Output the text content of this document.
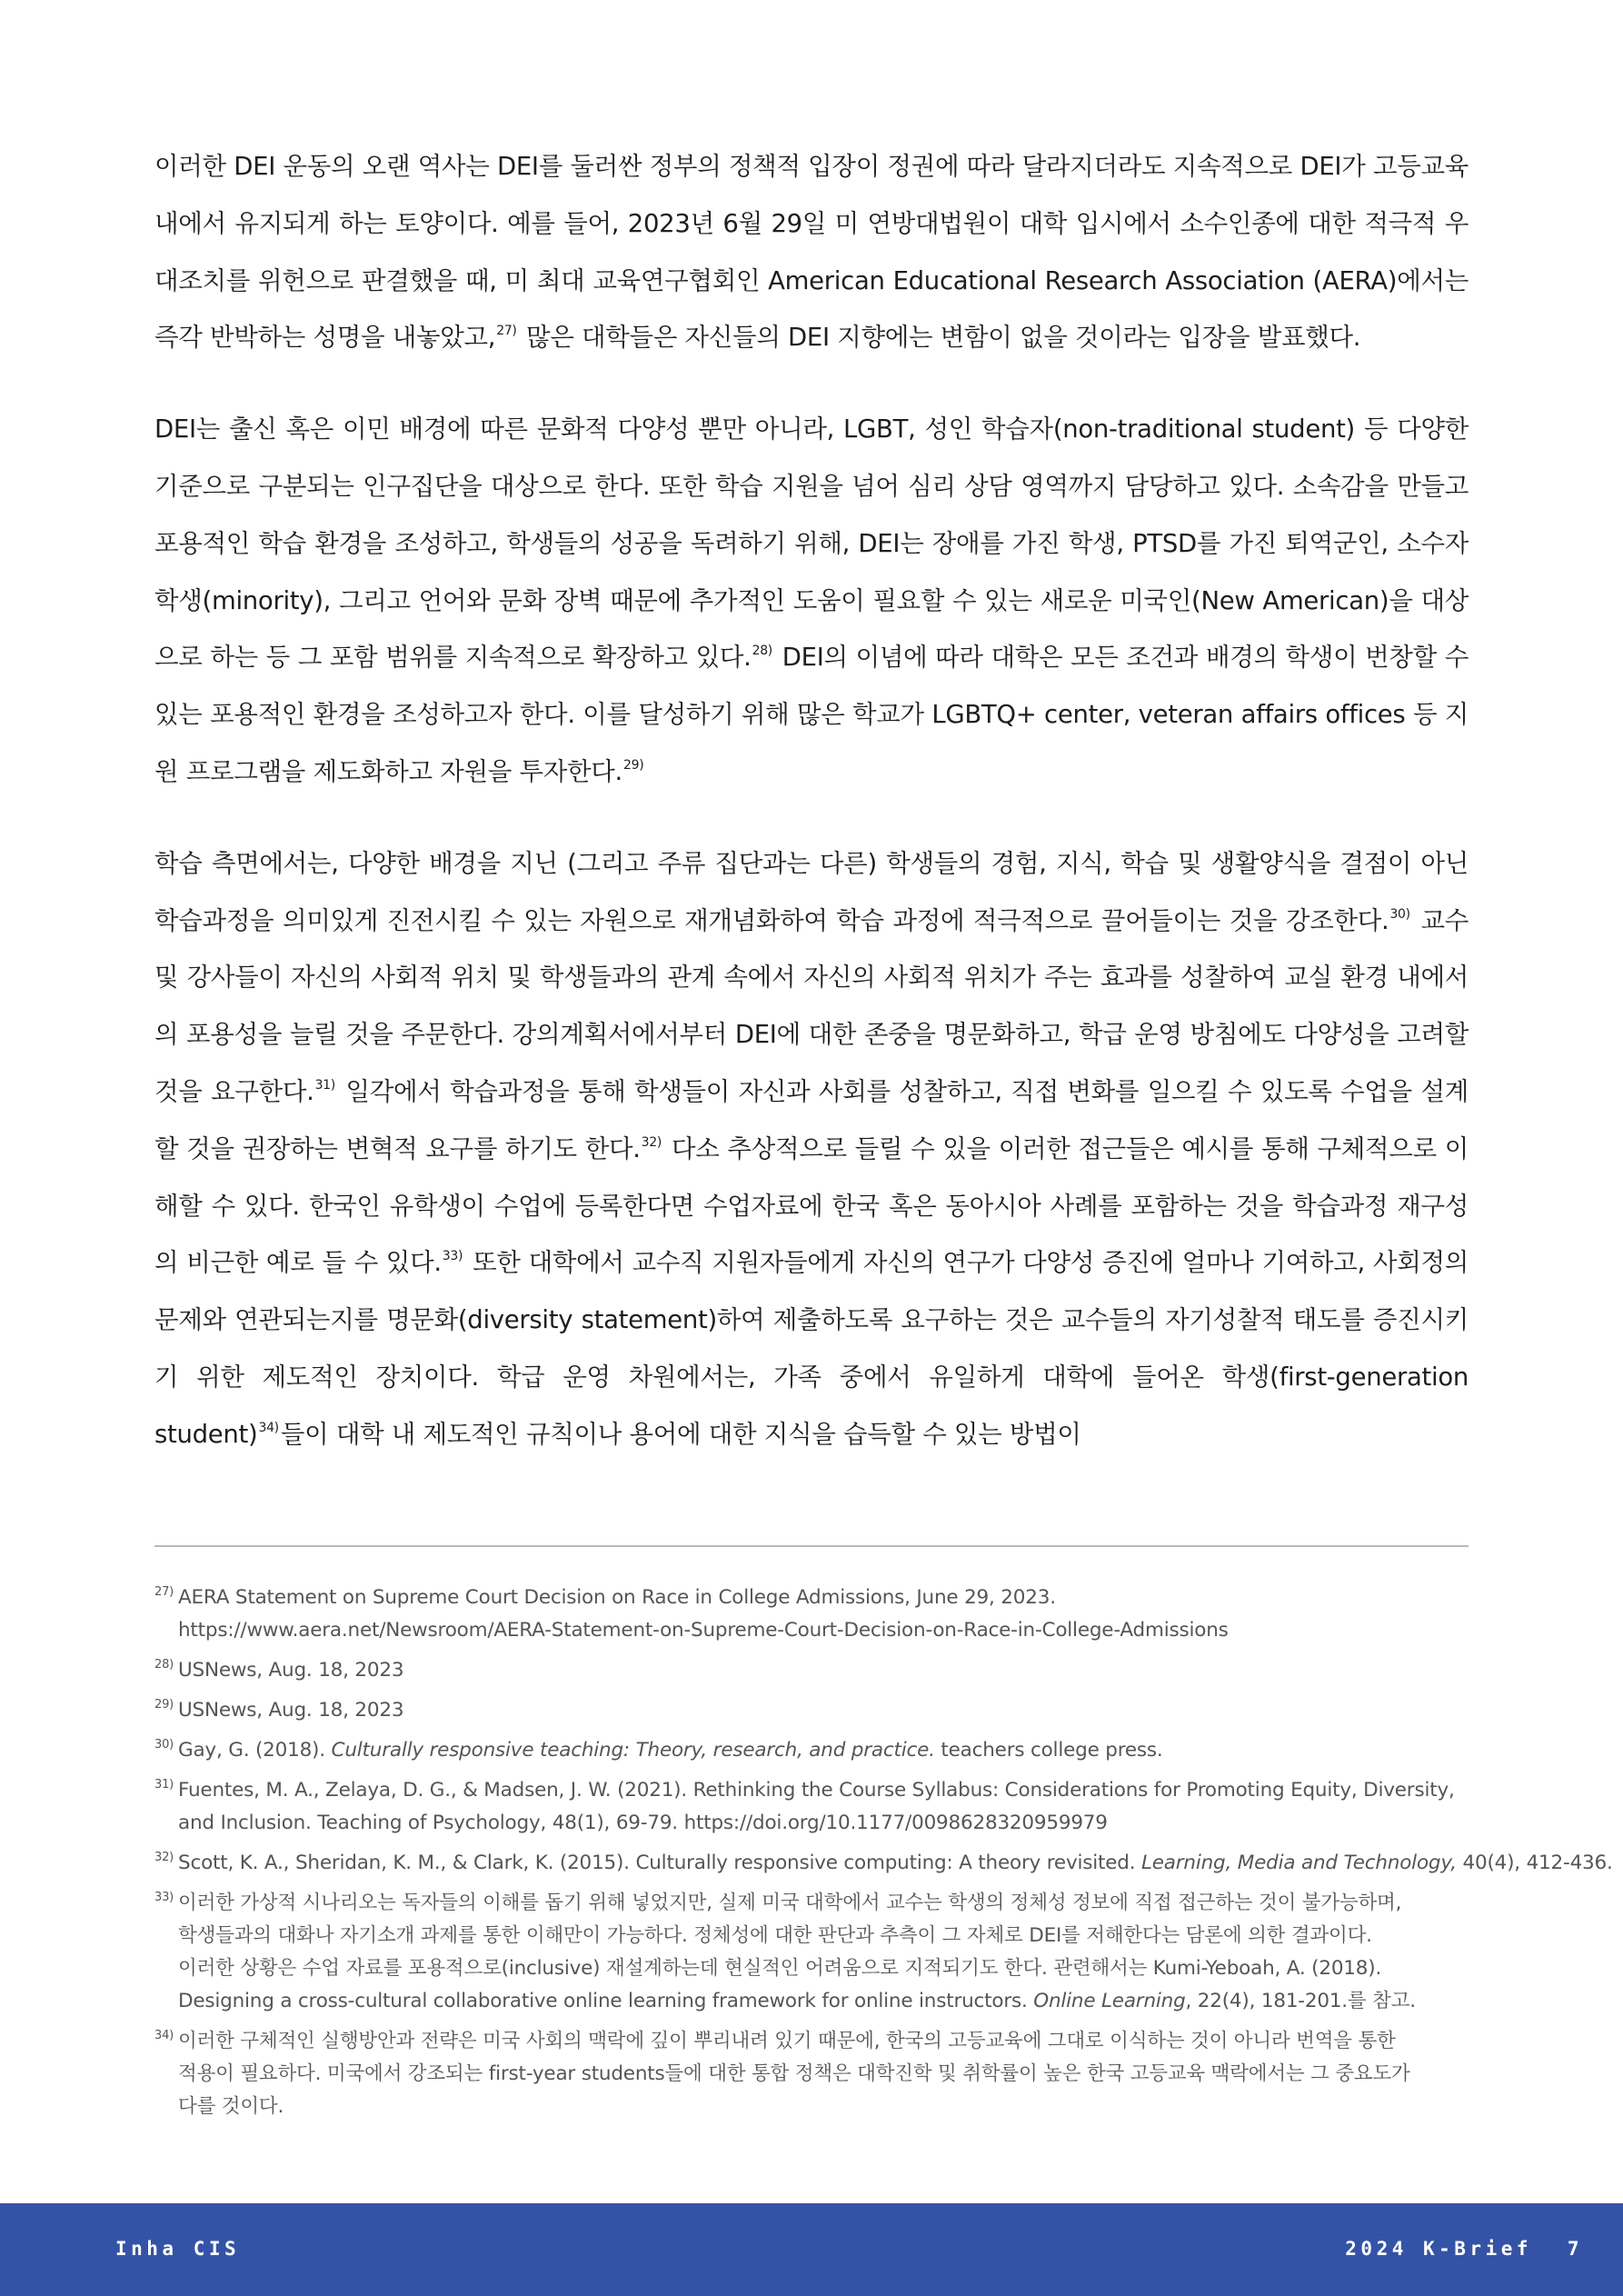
이러한 DEI 운동의 오랜 역사는 DEI를 둘러싼 정부의 정책적 입장이 정권에 따라 달라지더라도 지속적으로 DEI가 고등교육 내에서 유지되게 하는 토양이다. 예를 들어, 2023년 6월 29일 미 연방대법원이 대학 입시에서 소수인종에 대한 적극적 우대조치를 위헌으로 판결했을 때, 미 최대 교육연구협회인 American Educational Research Association (AERA)에서는 즉각 반박하는 성명을 내놓았고,$^{27)}$ 많은 대학들은 자신들의 DEI 지향에는 변함이 없을 것이라는 입장을 발표했다.

DEI는 출신 혹은 이민 배경에 따른 문화적 다양성 뿐만 아니라, LGBT, 성인 학습자(non-traditional student) 등 다양한 기준으로 구분되는 인구집단을 대상으로 한다. 또한 학습 지원을 넘어 심리 상담 영역까지 담당하고 있다. 소속감을 만들고 포용적인 학습 환경을 조성하고, 학생들의 성공을 독려하기 위해, DEI는 장애를 가진 학생, PTSD를 가진 퇴역군인, 소수자 학생(minority), 그리고 언어와 문화 장벽 때문에 추가적인 도움이 필요할 수 있는 새로운 미국인(New American)을 대상으로 하는 등 그 포함 범위를 지속적으로 확장하고 있다.$^{28)}$ DEI의 이념에 따라 대학은 모든 조건과 배경의 학생이 번창할 수 있는 포용적인 환경을 조성하고자 한다. 이를 달성하기 위해 많은 학교가 LGBTQ+ center, veteran affairs offices 등 지원 프로그램을 제도화하고 자원을 투자한다.$^{29)}$

학습 측면에서는, 다양한 배경을 지닌 (그리고 주류 집단과는 다른) 학생들의 경험, 지식, 학습 및 생활양식을 결점이 아닌 학습과정을 의미있게 진전시킬 수 있는 자원으로 재개념화하여 학습 과정에 적극적으로 끌어들이는 것을 강조한다.$^{30)}$ 교수 및 강사들이 자신의 사회적 위치 및 학생들과의 관계 속에서 자신의 사회적 위치가 주는 효과를 성찰하여 교실 환경 내에서의 포용성을 늘릴 것을 주문한다. 강의계획서에서부터 DEI에 대한 존중을 명문화하고, 학급 운영 방침에도 다양성을 고려할 것을 요구한다.$^{31)}$ 일각에서 학습과정을 통해 학생들이 자신과 사회를 성찰하고, 직접 변화를 일으킬 수 있도록 수업을 설계할 것을 권장하는 변혁적 요구를 하기도 한다.$^{32)}$ 다소 추상적으로 들릴 수 있을 이러한 접근들은 예시를 통해 구체적으로 이해할 수 있다. 한국인 유학생이 수업에 등록한다면 수업자료에 한국 혹은 동아시아 사례를 포함하는 것을 학습과정 재구성의 비근한 예로 들 수 있다.$^{33)}$ 또한 대학에서 교수직 지원자들에게 자신의 연구가 다양성 증진에 얼마나 기여하고, 사회정의 문제와 연관되는지를 명문화(diversity statement)하여 제출하도록 요구하는 것은 교수들의 자기성찰적 태도를 증진시키기 위한 제도적인 장치이다. 학급 운영 차원에서는, 가족 중에서 유일하게 대학에 들어온 학생(first-generation student)$^{34)}$들이 대학 내 제도적인 규칙이나 용어에 대한 지식을 습득할 수 있는 방법이

27) AERA Statement on Supreme Court Decision on Race in College Admissions, June 29, 2023.
https://www.aera.net/Newsroom/AERA-Statement-on-Supreme-Court-Decision-on-Race-in-College-Admissions
28) USNews, Aug. 18, 2023
29) USNews, Aug. 18, 2023
30) Gay, G. (2018). Culturally responsive teaching: Theory, research, and practice. teachers college press.
31) Fuentes, M. A., Zelaya, D. G., & Madsen, J. W. (2021). Rethinking the Course Syllabus: Considerations for Promoting Equity, Diversity,
and Inclusion. Teaching of Psychology, 48(1), 69-79. https://doi.org/10.1177/0098628320959979
32) Scott, K. A., Sheridan, K. M., & Clark, K. (2015). Culturally responsive computing: A theory revisited. Learning, Media and Technology, 40(4), 412-436.
33) 이러한 가상적 시나리오는 독자들의 이해를 돕기 위해 넣었지만, 실제 미국 대학에서 교수는 학생의 정체성 정보에 직접 접근하는 것이 불가능하며,
학생들과의 대화나 자기소개 과제를 통한 이해만이 가능하다. 정체성에 대한 판단과 추측이 그 자체로 DEI를 저해한다는 담론에 의한 결과이다.
이러한 상황은 수업 자료를 포용적으로(inclusive) 재설계하는데 현실적인 어려움으로 지적되기도 한다. 관련해서는 Kumi-Yeboah, A. (2018).
Designing a cross-cultural collaborative online learning framework for online instructors. Online Learning, 22(4), 181-201.를 참고.
34) 이러한 구체적인 실행방안과 전략은 미국 사회의 맥락에 깊이 뿌리내려 있기 때문에, 한국의 고등교육에 그대로 이식하는 것이 아니라 번역을 통한
적용이 필요하다. 미국에서 강조되는 first-year students들에 대한 통합 정책은 대학진학 및 취학률이 높은 한국 고등교육 맥락에서는 그 중요도가
다를 것이다.
Inha CIS	2024 K-Brief 7
